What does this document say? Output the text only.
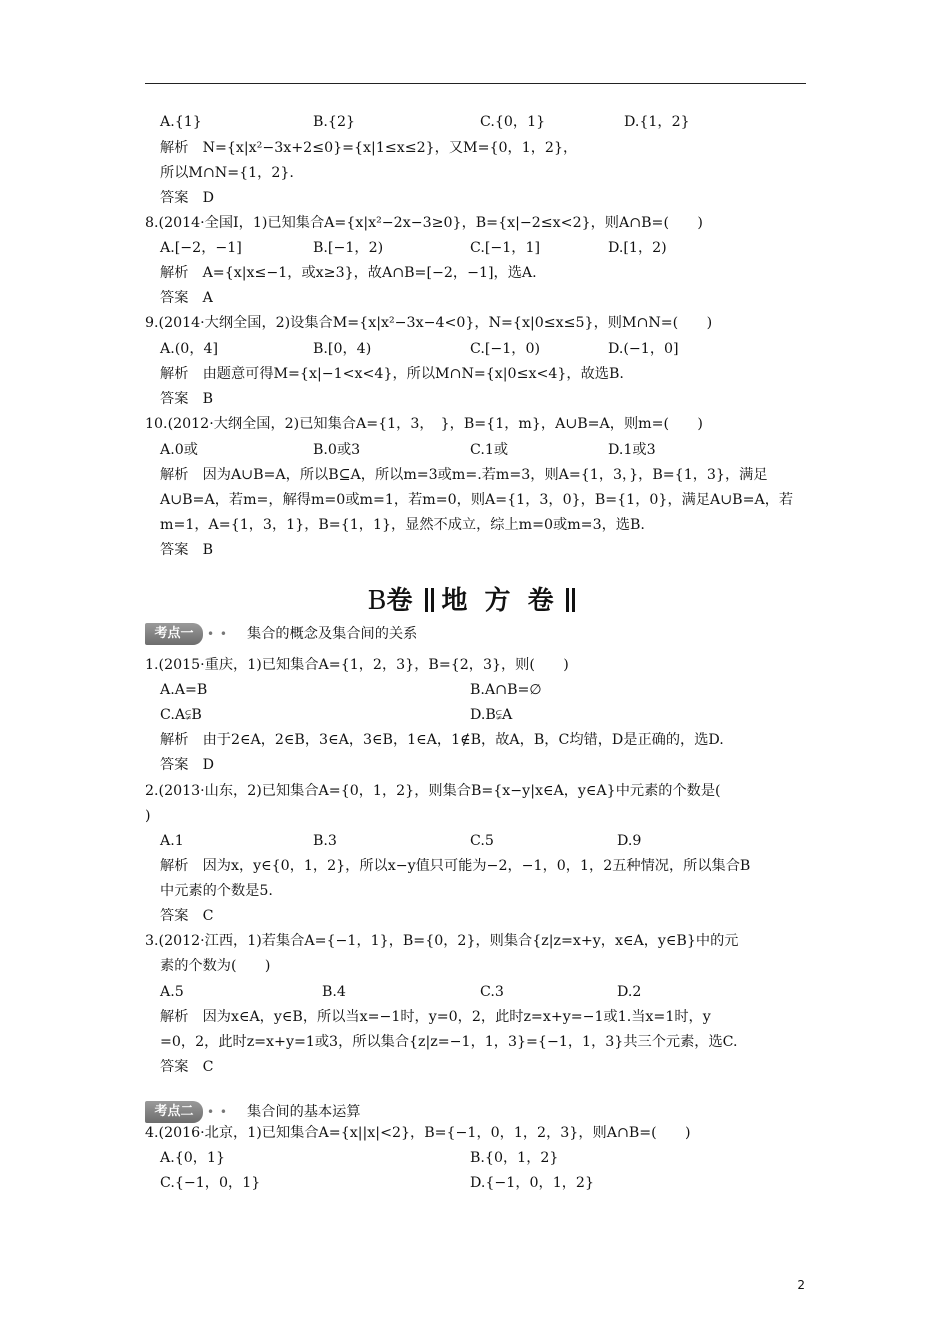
A.{1}	B.{2}	C.{0，1}	D.{1，2}
解析　N={x|x²−3x+2≤0}={x|1≤x≤2}，又M={0，1，2}，
所以M∩N={1，2}.
答案　D
8.(2014·全国Ⅰ，1)已知集合A={x|x²−2x−3≥0}，B={x|−2≤x<2}，则A∩B=(　　)
A.[−2，−1]	B.[−1，2)	C.[−1，1]	D.[1，2)
解析　A={x|x≤−1，或x≥3}，故A∩B=[−2，−1]，选A.
答案　A
9.(2014·大纲全国，2)设集合M={x|x²−3x−4<0}，N={x|0≤x≤5}，则M∩N=(　　)
A.(0，4]	B.[0，4)	C.[−1，0)	D.(−1，0]
解析　由题意可得M={x|−1<x<4}，所以M∩N={x|0≤x<4}，故选B.
答案　B
10.(2012·大纲全国，2)已知集合A={1，3，　}，B={1，m}，A∪B=A，则m=(　　)
A.0或	B.0或3	C.1或	D.1或3
解析　因为A∪B=A，所以B⊆A，所以m=3或m=.若m=3，则A={1，3，}，B={1，3}，满足
A∪B=A，若m=，解得m=0或m=1，若m=0，则A={1，3，0}，B={1，0}，满足A∪B=A，若
m=1，A={1，3，1}，B={1，1}，显然不成立，综上m=0或m=3，选B.
答案　B
B卷 地 方 卷
考点一	• • 集合的概念及集合间的关系
考点二	• • 集合间的基本运算
1.(2015·重庆，1)已知集合A={1，2，3}，B={2，3}，则(　　)
A.A=B	B.A∩B=∅
C.A⫋B	D.B⫋A
解析　由于2∈A，2∈B，3∈A，3∈B，1∈A，1∉B，故A，B，C均错，D是正确的，选D.
答案　D
2.(2013·山东，2)已知集合A={0，1，2}，则集合B={x−y|x∈A，y∈A}中元素的个数是(
)
A.1	B.3	C.5	D.9
解析　因为x，y∈{0，1，2}，所以x−y值只可能为−2，−1，0，1，2五种情况，所以集合B
中元素的个数是5.
答案　C
3.(2012·江西，1)若集合A={−1，1}，B={0，2}，则集合{z|z=x+y，x∈A，y∈B}中的元
素的个数为(　　)
A.5	B.4	C.3	D.2
解析　因为x∈A，y∈B，所以当x=−1时，y=0，2，此时z=x+y=−1或1.当x=1时，y
=0，2，此时z=x+y=1或3，所以集合{z|z=−1，1，3}={−1，1，3}共三个元素，选C.
答案　C
4.(2016·北京，1)已知集合A={x||x|<2}，B={−1，0，1，2，3}，则A∩B=(　　)
A.{0，1}	B.{0，1，2}
C.{−1，0，1}	D.{−1，0，1，2}
2
